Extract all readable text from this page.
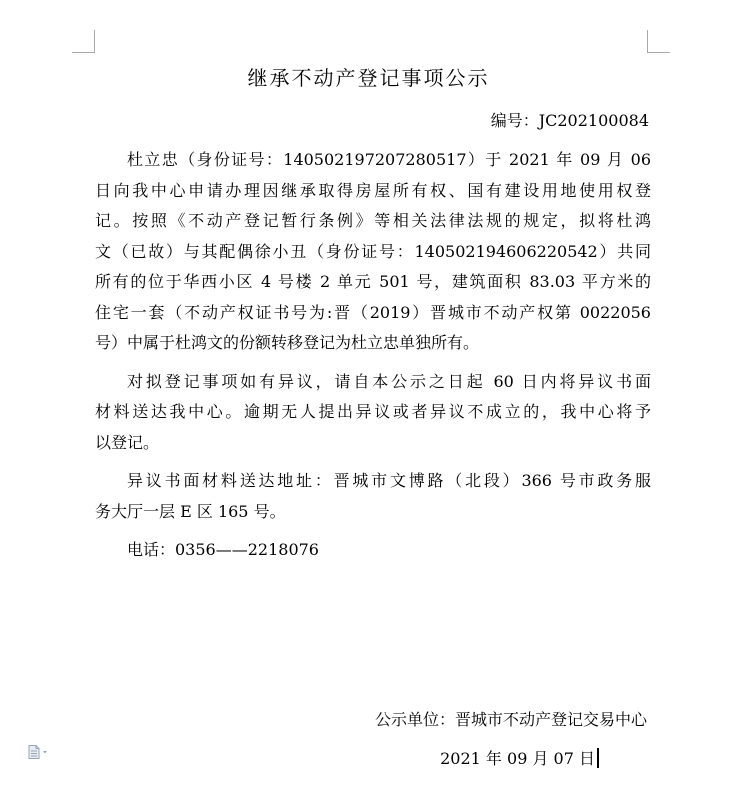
继承不动产登记事项公示
编号：JC202100084
杜立忠（身份证号：140502197207280517）于 2021 年 09 月 06
日向我中心申请办理因继承取得房屋所有权、国有建设用地使用权登
记。按照《不动产登记暂行条例》等相关法律法规的规定，拟将杜鸿
文（已故）与其配偶徐小丑（身份证号：140502194606220542）共同
所有的位于华西小区 4 号楼 2 单元 501 号，建筑面积 83.03 平方米的
住宅一套（不动产权证书号为:晋（2019）晋城市不动产权第 0022056
号）中属于杜鸿文的份额转移登记为杜立忠单独所有。
对拟登记事项如有异议，请自本公示之日起 60 日内将异议书面
材料送达我中心。逾期无人提出异议或者异议不成立的，我中心将予
以登记。
异议书面材料送达地址：晋城市文博路（北段）366 号市政务服
务大厅一层 E 区 165 号。
电话：0356——2218076
公示单位：晋城市不动产登记交易中心
2021 年 09 月 07 日
